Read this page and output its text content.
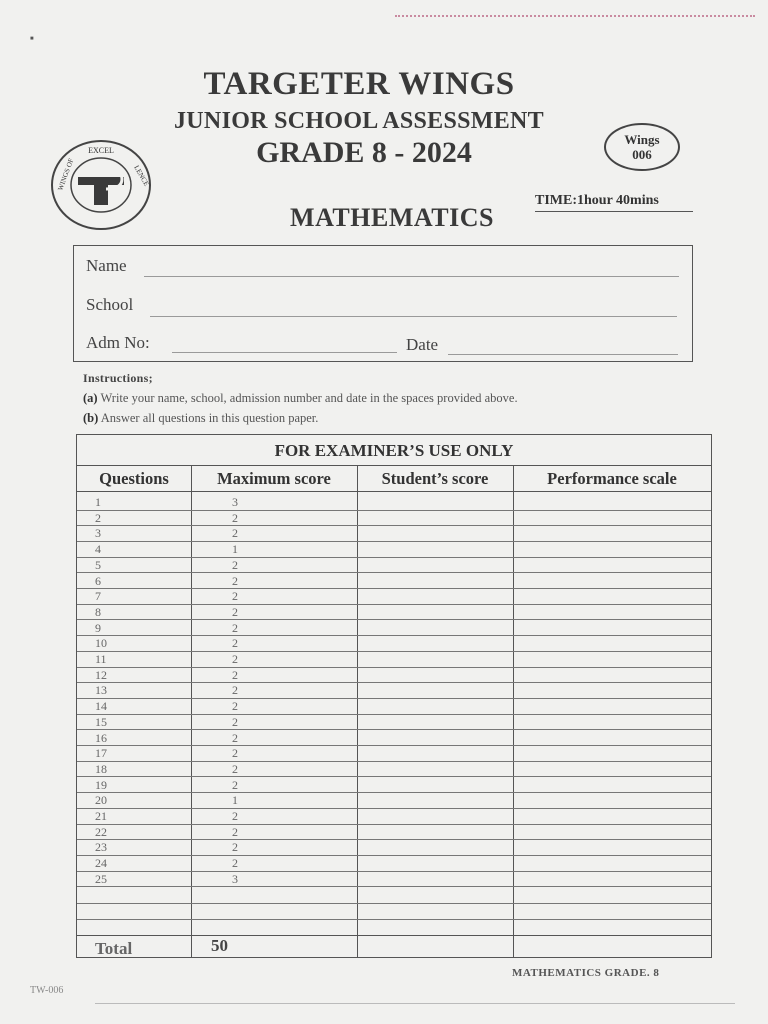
■
EXCEL
WINGS OF	LENCE
TARGETER WINGS
JUNIOR SCHOOL ASSESSMENT
GRADE 8 - 2024
MATHEMATICS
Wings
006
TIME:1hour 40mins
Name
School
Adm No:	Date
Instructions;
(a) Write your name, school, admission number and date in the spaces provided above.
(b) Answer all questions in this question paper.
FOR EXAMINER’S USE ONLY
Questions	Maximum score	Student’s score	Performance scale
1	3
2	2
3	2
4	1
5	2
6	2
7	2
8	2
9	2
10	2
11	2
12	2
13	2
14	2
15	2
16	2
17	2
18	2
19	2
20	1
21	2
22	2
23	2
24	2
25	3
Total	50
MATHEMATICS GRADE. 8
TW-006
